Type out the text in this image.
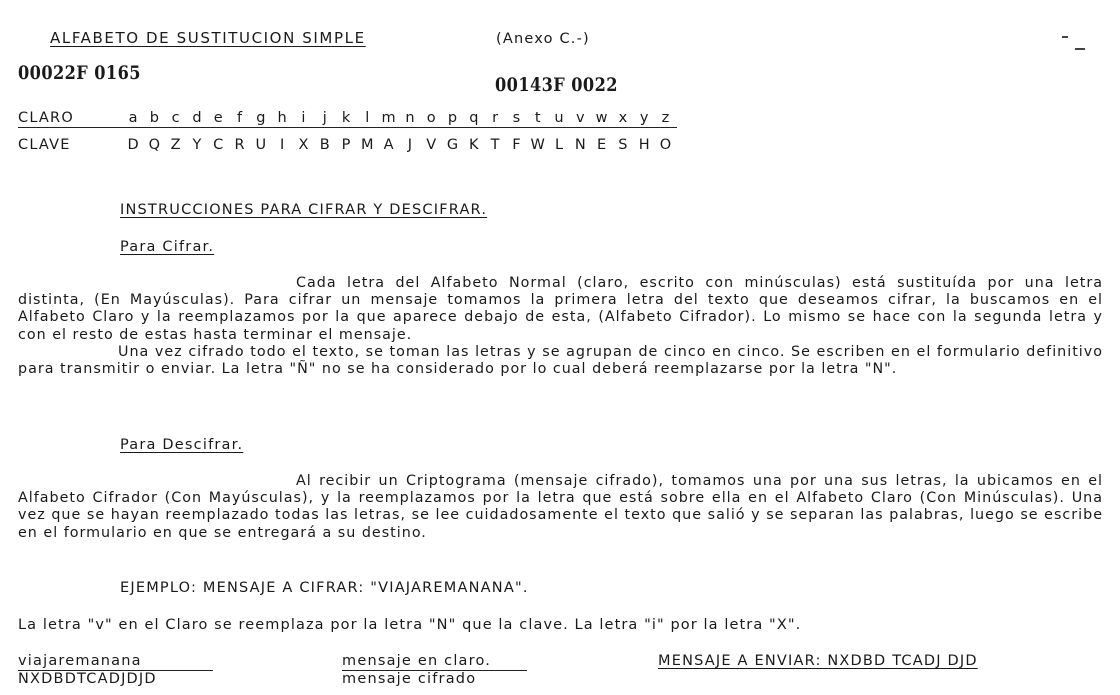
ALFABETO DE SUSTITUCION SIMPLE	(Anexo C.-)
00022F 0165
00143F 0022
CLARO	a b c d e f g h i	j k l m n o p q r s t u v w x y z
CLAVE	D Q Z Y C R U I X B P M A J V G K T F W L N E S H O
INSTRUCCIONES PARA CIFRAR Y DESCIFRAR.
Para Cifrar.

Cada letra del Alfabeto Normal (claro, escrito con minúsculas) está sustituída por una letra distinta, (En Mayúsculas). Para cifrar un mensaje tomamos la primera letra del texto que deseamos cifrar, la buscamos en el Alfabeto Claro y la reemplazamos por la que aparece debajo de esta, (Alfabeto Cifrador). Lo mismo se hace con la segunda letra y con el resto de estas hasta terminar el mensaje.

Una vez cifrado todo el texto, se toman las letras y se agrupan de cinco en cinco. Se escriben en el formulario definitivo para transmitir o enviar. La letra "Ñ" no se ha considerado por lo cual deberá reemplazarse por la letra "N".

Para Descifrar.

Al recibir un Criptograma (mensaje cifrado), tomamos una por una sus letras, la ubicamos en el Alfabeto Cifrador (Con Mayúsculas), y la reemplazamos por la letra que está sobre ella en el Alfabeto Claro (Con Minúsculas). Una vez que se hayan reemplazado todas las letras, se lee cuidadosamente el texto que salió y se separan las palabras, luego se escribe en el formulario en que se entregará a su destino.

EJEMPLO: MENSAJE A CIFRAR: "VIAJAREMANANA".
La letra "v" en el Claro se reemplaza por la letra "N" que la clave. La letra "i" por la letra "X".
viajaremanana
NXDBDTCADJDJD
mensaje en claro.
mensaje cifrado
MENSAJE A ENVIAR: NXDBD TCADJ DJD
